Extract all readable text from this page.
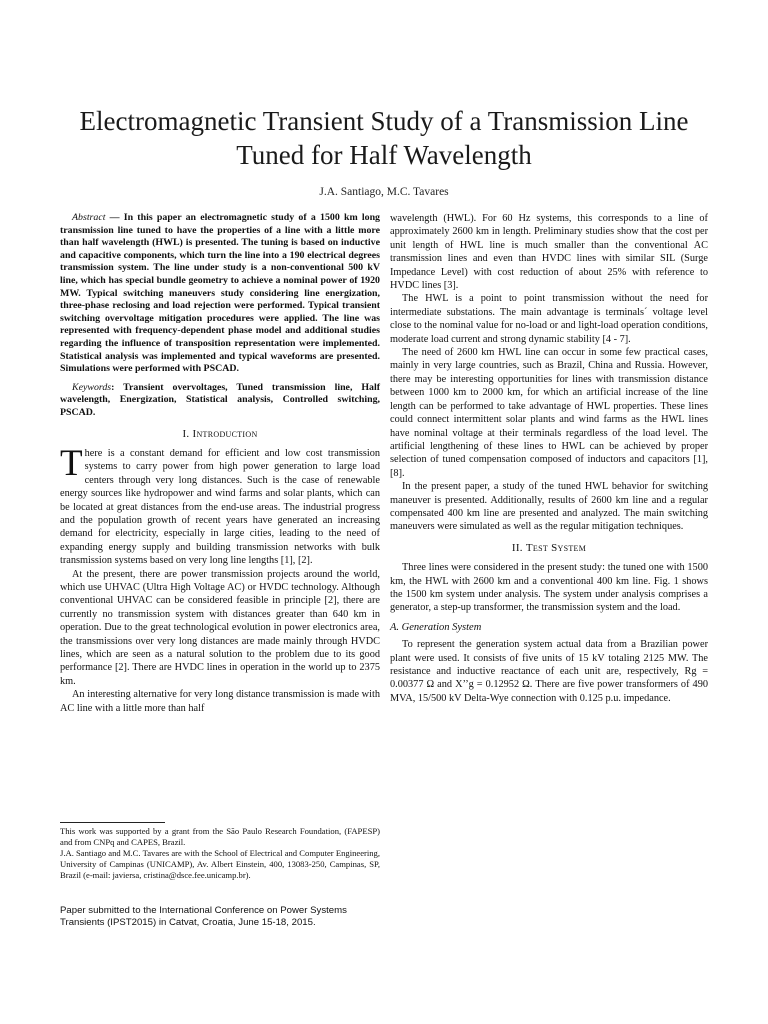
Electromagnetic Transient Study of a Transmission Line Tuned for Half Wavelength
J.A. Santiago, M.C. Tavares

Abstract — In this paper an electromagnetic study of a 1500 km long transmission line tuned to have the properties of a line with a little more than half wavelength (HWL) is presented. The tuning is based on inductive and capacitive components, which turn the line into a 190 electrical degrees transmission system. The line under study is a non-conventional 500 kV line, which has special bundle geometry to achieve a nominal power of 1920 MW. Typical switching maneuvers study considering line energization, three-phase reclosing and load rejection were performed. Typical transient switching overvoltage mitigation procedures were applied. The line was represented with frequency-dependent phase model and additional studies regarding the influence of transposition representation were implemented. Statistical analysis was implemented and typical waveforms are presented. Simulations were performed with PSCAD.

Keywords: Transient overvoltages, Tuned transmission line, Half wavelength, Energization, Statistical analysis, Controlled switching, PSCAD.

I. Introduction

There is a constant demand for efficient and low cost transmission systems to carry power from high power generation to large load centers through very long distances. Such is the case of renewable energy sources like hydropower and wind farms and solar plants, which can be located at great distances from the end-use areas. The industrial progress and the population growth of recent years have generated an increasing demand for electricity, especially in large cities, leading to the need of expanding energy supply and building transmission networks with bulk transmission systems based on very long line lengths [1], [2].

At the present, there are power transmission projects around the world, which use UHVAC (Ultra High Voltage AC) or HVDC technology. Although conventional UHVAC can be considered feasible in principle [2], there are currently no transmission system with distances greater than 640 km in operation. Due to the great technological evolution in power electronics area, the transmissions over very long distances are made mainly through HVDC lines, which are seen as a natural solution to the problem due to its good performance [2]. There are HVDC lines in operation in the world up to 2375 km.

An interesting alternative for very long distance transmission is made with AC line with a little more than half

This work was supported by a grant from the São Paulo Research Foundation, (FAPESP) and from CNPq and CAPES, Brazil.

J.A. Santiago and M.C. Tavares are with the School of Electrical and Computer Engineering, University of Campinas (UNICAMP), Av. Albert Einstein, 400, 13083-250, Campinas, SP, Brazil (e-mail: javiersa, cristina@dsce.fee.unicamp.br).

Paper submitted to the International Conference on Power Systems Transients (IPST2015) in Catvat, Croatia, June 15-18, 2015.

wavelength (HWL). For 60 Hz systems, this corresponds to a line of approximately 2600 km in length. Preliminary studies show that the cost per unit length of HWL line is much smaller than the conventional AC transmission lines and even than HVDC lines with similar SIL (Surge Impedance Level) with cost reduction of about 25% with reference to HVDC lines [3].

The HWL is a point to point transmission without the need for intermediate substations. The main advantage is terminals´ voltage level close to the nominal value for no-load or and light-load operation conditions, moderate load current and strong dynamic stability [4 - 7].

The need of 2600 km HWL line can occur in some few practical cases, mainly in very large countries, such as Brazil, China and Russia. However, there may be interesting opportunities for lines with transmission distance between 1000 km to 2000 km, for which an artificial increase of the line length can be performed to take advantage of HWL properties. These lines could connect intermittent solar plants and wind farms as the HWL lines have nominal voltage at their terminals regardless of the load level. The artificial lengthening of these lines to HWL can be achieved by proper selection of tuned compensation composed of inductors and capacitors [1], [8].

In the present paper, a study of the tuned HWL behavior for switching maneuver is presented. Additionally, results of 2600 km line and a regular compensated 400 km line are presented and analyzed. The main switching maneuvers were simulated as well as the regular mitigation techniques.

II. Test System

Three lines were considered in the present study: the tuned one with 1500 km, the HWL with 2600 km and a conventional 400 km line. Fig. 1 shows the 1500 km system under analysis. The system under analysis comprises a generator, a step-up transformer, the transmission system and the load.

A. Generation System

To represent the generation system actual data from a Brazilian power plant were used. It consists of five units of 15 kV totaling 2125 MW. The resistance and inductive reactance of each unit are, respectively, Rg = 0.00377 Ω and X’’g = 0.12952 Ω. There are five power transformers of 490 MVA, 15/500 kV Delta-Wye connection with 0.125 p.u. impedance.
